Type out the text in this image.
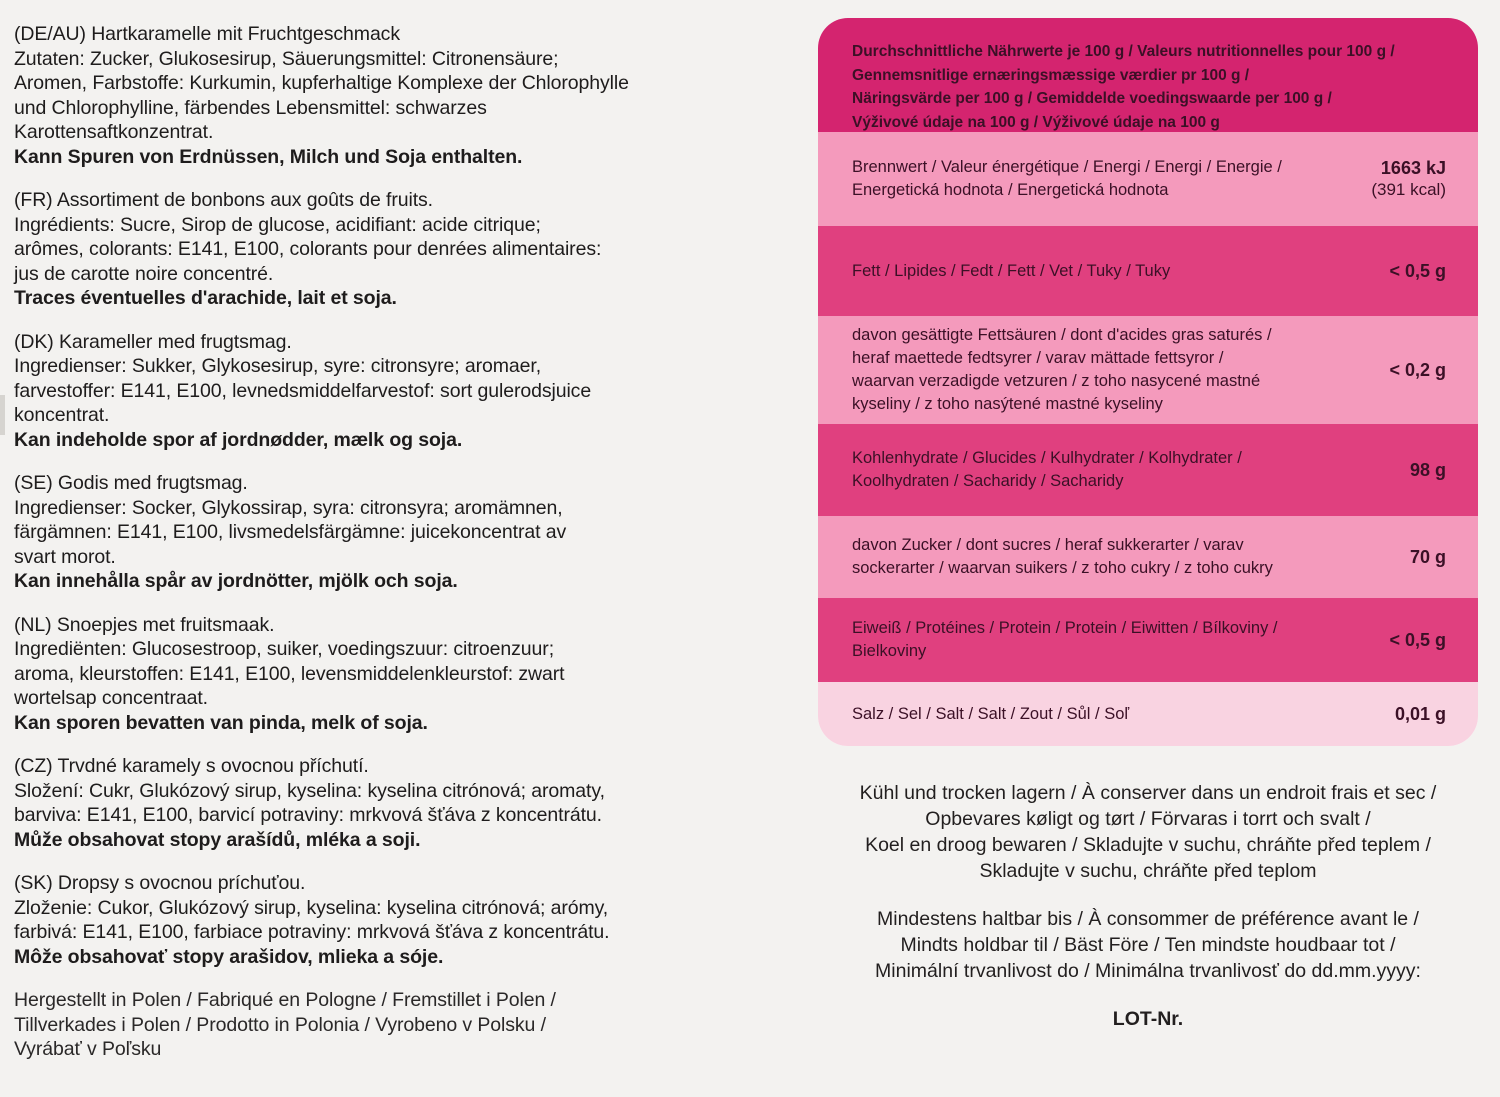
(DE/AU) Hartkaramelle mit Fruchtgeschmack

Zutaten: Zucker, Glukosesirup, Säuerungsmittel: Citronensäure;

Aromen, Farbstoffe: Kurkumin, kupferhaltige Komplexe der Chlorophylle

und Chlorophylline, färbendes Lebensmittel: schwarzes

Karottensaftkonzentrat.

Kann Spuren von Erdnüssen, Milch und Soja enthalten.

(FR) Assortiment de bonbons aux goûts de fruits.

Ingrédients: Sucre, Sirop de glucose, acidifiant: acide citrique;

arômes, colorants: E141, E100, colorants pour denrées alimentaires:

jus de carotte noire concentré.

Traces éventuelles d'arachide, lait et soja.

(DK) Karameller med frugtsmag.

Ingredienser: Sukker, Glykosesirup, syre: citronsyre; aromaer,

farvestoffer: E141, E100, levnedsmiddelfarvestof: sort gulerodsjuice

koncentrat.

Kan indeholde spor af jordnødder, mælk og soja.

(SE) Godis med frugtsmag.

Ingredienser: Socker, Glykossirap, syra: citronsyra; aromämnen,

färgämnen: E141, E100, livsmedelsfärgämne: juicekoncentrat av

svart morot.

Kan innehålla spår av jordnötter, mjölk och soja.

(NL) Snoepjes met fruitsmaak.

Ingrediënten: Glucosestroop, suiker, voedingszuur: citroenzuur;

aroma, kleurstoffen: E141, E100, levensmiddelenkleurstof: zwart

wortelsap concentraat.

Kan sporen bevatten van pinda, melk of soja.

(CZ) Trvdné karamely s ovocnou příchutí.

Složení: Cukr, Glukózový sirup, kyselina: kyselina citrónová; aromaty,

barviva: E141, E100, barvicí potraviny: mrkvová šťáva z koncentrátu.

Může obsahovat stopy arašídů, mléka a soji.

(SK) Dropsy s ovocnou príchuťou.

Zloženie: Cukor, Glukózový sirup, kyselina: kyselina citrónová; arómy,

farbivá: E141, E100, farbiace potraviny: mrkvová šťáva z koncentrátu.

Môže obsahovať stopy arašidov, mlieka a sóje.

Hergestellt in Polen / Fabriqué en Pologne / Fremstillet i Polen /

Tillverkades i Polen / Prodotto in Polonia / Vyrobeno v Polsku /

Vyrábať v Poľsku

Durchschnittliche Nährwerte je 100 g / Valeurs nutritionnelles pour 100 g /

Gennemsnitlige ernæringsmæssige værdier pr 100 g /

Näringsvärde per 100 g / Gemiddelde voedingswaarde per 100 g /

Výživové údaje na 100 g / Výživové údaje na 100 g

Brennwert / Valeur énergétique / Energi / Energi / Energie /

Energetická hodnota / Energetická hodnota

1663 kJ
(391 kcal)

Fett / Lipides / Fedt / Fett / Vet / Tuky / Tuky	< 0,5 g

davon gesättigte Fettsäuren / dont d'acides gras saturés /

heraf maettede fedtsyrer / varav mättade fettsyror /

waarvan verzadigde vetzuren / z toho nasycené mastné

kyseliny / z toho nasýtené mastné kyseliny

< 0,2 g

Kohlenhydrate / Glucides / Kulhydrater / Kolhydrater /

Koolhydraten / Sacharidy / Sacharidy

98 g

davon Zucker / dont sucres / heraf sukkerarter / varav

sockerarter / waarvan suikers / z toho cukry / z toho cukry

70 g

Eiweiß / Protéines / Protein / Protein / Eiwitten / Bílkoviny /

Bielkoviny

< 0,5 g

Salz / Sel / Salt / Salt / Zout / Sůl / Soľ	0,01 g

Kühl und trocken lagern / À conserver dans un endroit frais et sec /

Opbevares køligt og tørt / Förvaras i torrt och svalt /

Koel en droog bewaren / Skladujte v suchu, chráňte před teplem /

Skladujte v suchu, chráňte před teplom

Mindestens haltbar bis / À consommer de préférence avant le /

Mindts holdbar til / Bäst Före / Ten mindste houdbaar tot /

Minimální trvanlivost do / Minimálna trvanlivosť do dd.mm.yyyy:

LOT-Nr.
